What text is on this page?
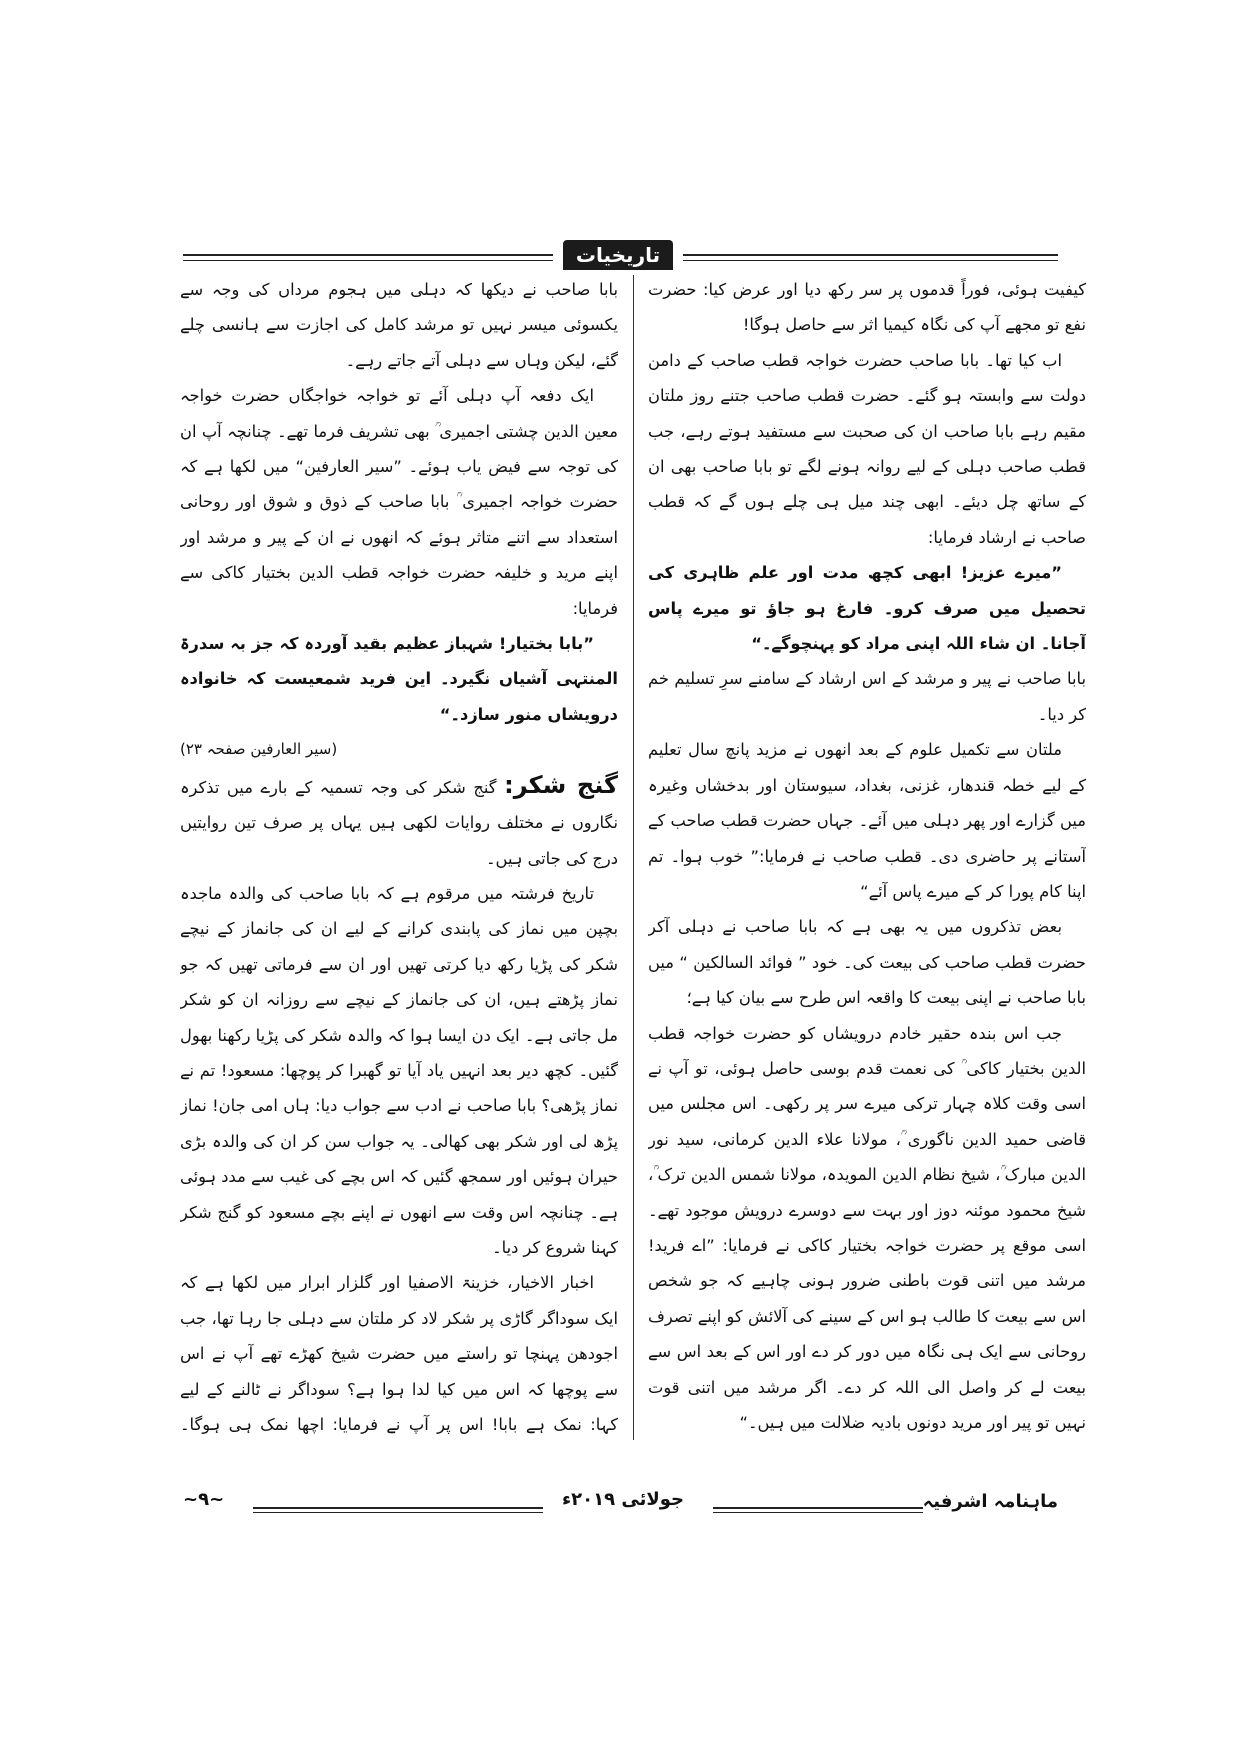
تاریخیات

کیفیت ہوئی، فوراً قدموں پر سر رکھ دیا اور عرض کیا: حضرت نفع تو مجھے آپ کی نگاہ کیمیا اثر سے حاصل ہوگا!

اب کیا تھا۔ بابا صاحب حضرت خواجہ قطب صاحب کے دامن دولت سے وابستہ ہو گئے۔ حضرت قطب صاحب جتنے روز ملتان مقیم رہے بابا صاحب ان کی صحبت سے مستفید ہوتے رہے، جب قطب صاحب دہلی کے لیے روانہ ہونے لگے تو بابا صاحب بھی ان کے ساتھ چل دیئے۔ ابھی چند میل ہی چلے ہوں گے کہ قطب صاحب نے ارشاد فرمایا:

”میرے عزیز! ابھی کچھ مدت اور علم ظاہری کی تحصیل میں صرف کرو۔ فارغ ہو جاؤ تو میرے پاس آجانا۔ ان شاء اللہ اپنی مراد کو پہنچوگے۔“

بابا صاحب نے پیر و مرشد کے اس ارشاد کے سامنے سرِ تسلیم خم کر دیا۔

ملتان سے تکمیل علوم کے بعد انھوں نے مزید پانچ سال تعلیم کے لیے خطہ قندھار، غزنی، بغداد، سیوستان اور بدخشاں وغیرہ میں گزارے اور پھر دہلی میں آئے۔ جہاں حضرت قطب صاحب کے آستانے پر حاضری دی۔ قطب صاحب نے فرمایا:” خوب ہوا۔ تم اپنا کام پورا کر کے میرے پاس آئے“

بعض تذکروں میں یہ بھی ہے کہ بابا صاحب نے دہلی آکر حضرت قطب صاحب کی بیعت کی۔ خود ” فوائد السالکین “ میں بابا صاحب نے اپنی بیعت کا واقعہ اس طرح سے بیان کیا ہے؛

جب اس بندہ حقیر خادم درویشاں کو حضرت خواجہ قطب الدین بختیار کاکی ؒ کی نعمت قدم بوسی حاصل ہوئی، تو آپ نے اسی وقت کلاہ چہار ترکی میرے سر پر رکھی۔ اس مجلس میں قاضی حمید الدین ناگوری ؒ، مولانا علاء الدین کرمانی، سید نور الدین مبارک ؒ، شیخ نظام الدین المویدہ، مولانا شمس الدین ترک ؒ، شیخ محمود موئنہ دوز اور بہت سے دوسرے درویش موجود تھے۔ اسی موقع پر حضرت خواجہ بختیار کاکی نے فرمایا: ”اے فرید! مرشد میں اتنی قوت باطنی ضرور ہونی چاہیے کہ جو شخص اس سے بیعت کا طالب ہو اس کے سینے کی آلائش کو اپنے تصرف روحانی سے ایک ہی نگاہ میں دور کر دے اور اس کے بعد اس سے بیعت لے کر واصل الی اللہ کر دے۔ اگر مرشد میں اتنی قوت نہیں تو پیر اور مرید دونوں بادیہ ضلالت میں ہیں۔“

بابا صاحب نے دیکھا کہ دہلی میں ہجوم مرداں کی وجہ سے یکسوئی میسر نہیں تو مرشد کامل کی اجازت سے ہانسی چلے گئے، لیکن وہاں سے دہلی آتے جاتے رہے۔

ایک دفعہ آپ دہلی آئے تو خواجہ خواجگاں حضرت خواجہ معین الدین چشتی اجمیری ؒ بھی تشریف فرما تھے۔ چنانچہ آپ ان کی توجہ سے فیض یاب ہوئے۔ ”سیر العارفین“ میں لکھا ہے کہ حضرت خواجہ اجمیری ؒ بابا صاحب کے ذوق و شوق اور روحانی استعداد سے اتنے متاثر ہوئے کہ انھوں نے ان کے پیر و مرشد اور اپنے مرید و خلیفہ حضرت خواجہ قطب الدین بختیار کاکی سے فرمایا:

”بابا بختیار! شہباز عظیم بقید آوردہ کہ جز بہ سدرۃ المنتہی آشیاں نگیرد۔ این فرید شمعیست کہ خانوادہ درویشاں منور سازد۔“

(سیر العارفین صفحہ ۲۳)

گنج شکر: گنج شکر کی وجہ تسمیہ کے بارے میں تذکرہ نگاروں نے مختلف روایات لکھی ہیں یہاں پر صرف تین روایتیں درج کی جاتی ہیں۔

تاریخ فرشتہ میں مرقوم ہے کہ بابا صاحب کی والدہ ماجدہ بچپن میں نماز کی پابندی کرانے کے لیے ان کی جانماز کے نیچے شکر کی پڑیا رکھ دیا کرتی تھیں اور ان سے فرماتی تھیں کہ جو نماز پڑھتے ہیں، ان کی جانماز کے نیچے سے روزانہ ان کو شکر مل جاتی ہے۔ ایک دن ایسا ہوا کہ والدہ شکر کی پڑیا رکھنا بھول گئیں۔ کچھ دیر بعد انہیں یاد آیا تو گھبرا کر پوچھا: مسعود! تم نے نماز پڑھی؟ بابا صاحب نے ادب سے جواب دیا: ہاں امی جان! نماز پڑھ لی اور شکر بھی کھالی۔ یہ جواب سن کر ان کی والدہ بڑی حیران ہوئیں اور سمجھ گئیں کہ اس بچے کی غیب سے مدد ہوئی ہے۔ چنانچہ اس وقت سے انھوں نے اپنے بچے مسعود کو گنج شکر کہنا شروع کر دیا۔

اخبار الاخیار، خزینۃ الاصفیا اور گلزار ابرار میں لکھا ہے کہ ایک سوداگر گاڑی پر شکر لاد کر ملتان سے دہلی جا رہا تھا، جب اجودھن پہنچا تو راستے میں حضرت شیخ کھڑے تھے آپ نے اس سے پوچھا کہ اس میں کیا لدا ہوا ہے؟ سوداگر نے ٹالنے کے لیے کہا: نمک ہے بابا! اس پر آپ نے فرمایا: اچھا نمک ہی ہوگا۔

ماہنامہ اشرفیہ
جولائی ۲۰۱۹ء
~۹~
